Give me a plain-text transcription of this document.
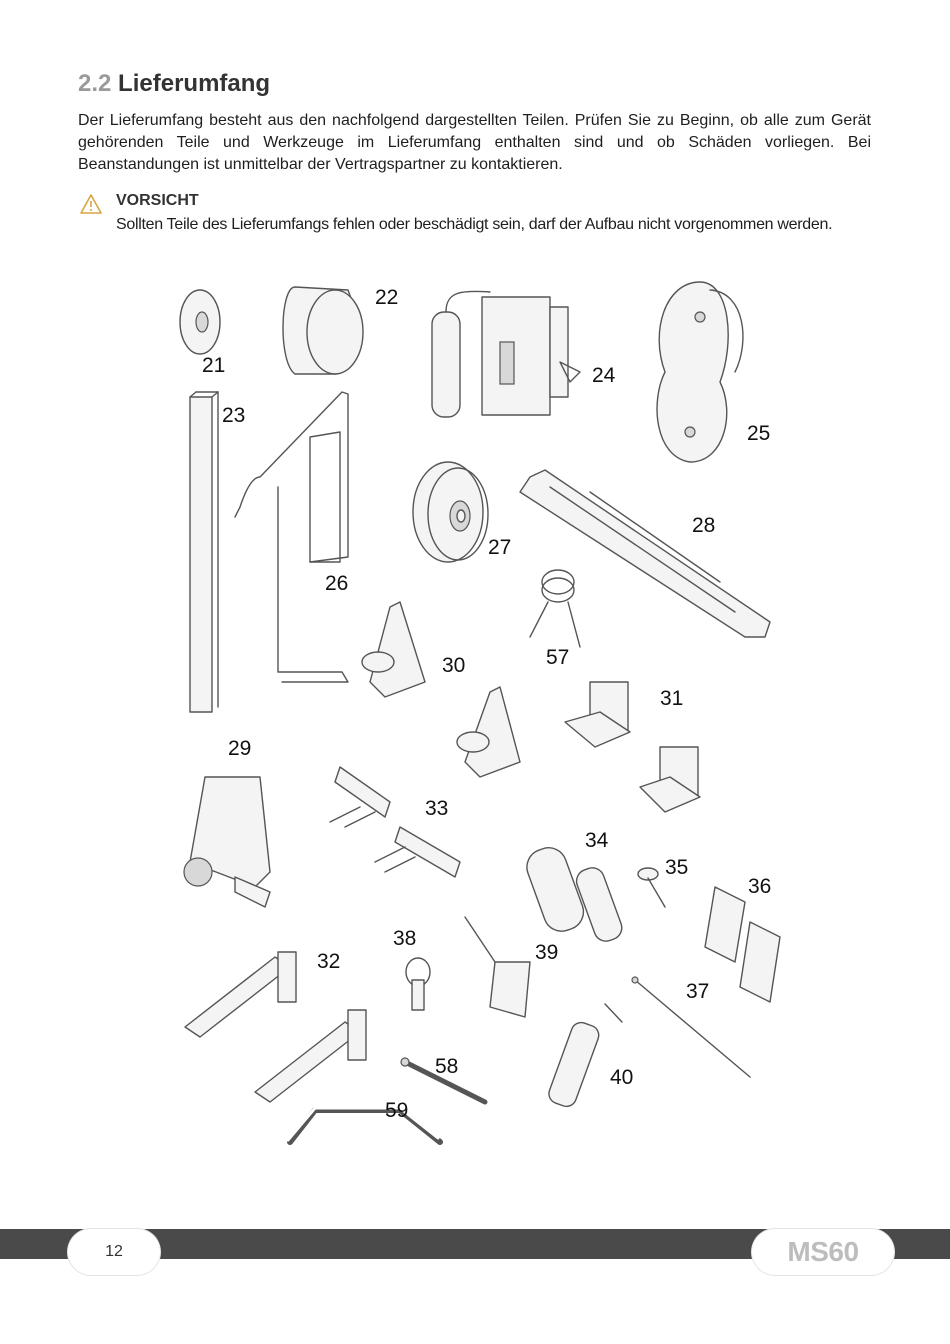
2.2 Lieferumfang

Der Lieferumfang besteht aus den nachfolgend dargestellten Teilen. Prüfen Sie zu Beginn, ob alle zum Gerät gehörenden Teile und Werkzeuge im Lieferumfang enthalten sind und ob Schäden vorliegen. Bei Beanstandungen ist unmittelbar der Vertragspartner zu kontaktieren.

VORSICHT

Sollten Teile des Lieferumfangs fehlen oder beschädigt sein, darf der Aufbau nicht vorgenommen werden.

21
22
23
24
25
26
27
28
29
30
31
32
33
34
35
36
37
38
39
40
57
58
59
12	MS60
